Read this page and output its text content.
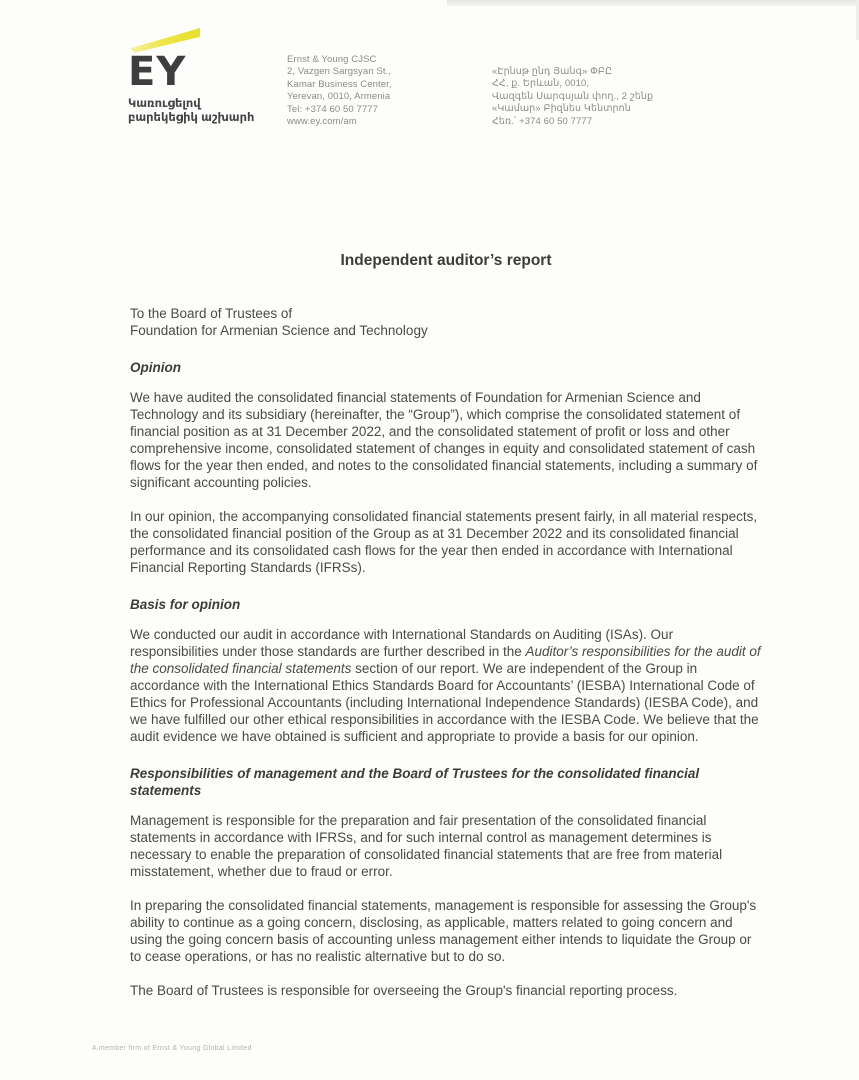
EY
Կառուցելով
բարեկեցիկ աշխարհ
Ernst & Young CJSC
2, Vazgen Sargsyan St.,
Kamar Business Center,
Yerevan, 0010, Armenia
Tel: +374 60 50 7777
www.ey.com/am
«Էրնսթ ընդ Յանգ» ՓԲԸ
ՀՀ, ք. Երևան, 0010,
Վազգեն Սարգսյան փող., 2 շենք
«Կամար» Բիզնես Կենտրոն
Հեռ.՝ +374 60 50 7777
Independent auditor’s report
To the Board of Trustees of
Foundation for Armenian Science and Technology
Opinion

We have audited the consolidated financial statements of Foundation for Armenian Science and Technology and its subsidiary (hereinafter, the “Group”), which comprise the consolidated statement of financial position as at 31 December 2022, and the consolidated statement of profit or loss and other comprehensive income, consolidated statement of changes in equity and consolidated statement of cash flows for the year then ended, and notes to the consolidated financial statements, including a summary of significant accounting policies.

In our opinion, the accompanying consolidated financial statements present fairly, in all material respects, the consolidated financial position of the Group as at 31 December 2022 and its consolidated financial performance and its consolidated cash flows for the year then ended in accordance with International Financial Reporting Standards (IFRSs).

Basis for opinion

We conducted our audit in accordance with International Standards on Auditing (ISAs). Our responsibilities under those standards are further described in the Auditor’s responsibilities for the audit of the consolidated financial statements section of our report. We are independent of the Group in accordance with the International Ethics Standards Board for Accountants’ (IESBA) International Code of Ethics for Professional Accountants (including International Independence Standards) (IESBA Code), and we have fulfilled our other ethical responsibilities in accordance with the IESBA Code. We believe that the audit evidence we have obtained is sufficient and appropriate to provide a basis for our opinion.

Responsibilities of management and the Board of Trustees for the consolidated financial statements

Management is responsible for the preparation and fair presentation of the consolidated financial statements in accordance with IFRSs, and for such internal control as management determines is necessary to enable the preparation of consolidated financial statements that are free from material misstatement, whether due to fraud or error.

In preparing the consolidated financial statements, management is responsible for assessing the Group's ability to continue as a going concern, disclosing, as applicable, matters related to going concern and using the going concern basis of accounting unless management either intends to liquidate the Group or to cease operations, or has no realistic alternative but to do so.

The Board of Trustees is responsible for overseeing the Group's financial reporting process.

A member firm of Ernst & Young Global Limited
